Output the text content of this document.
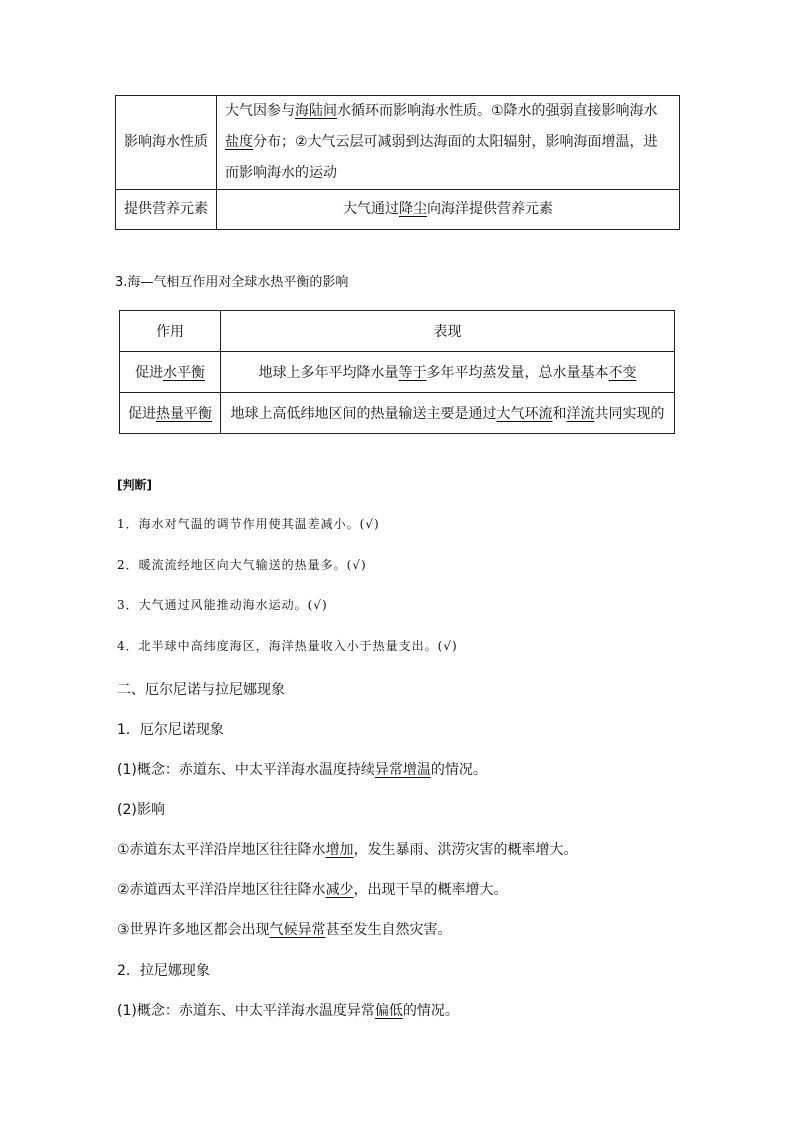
影响海水性质	大气因参与海陆间水循环而影响海水性质。①降水的强弱直接影响海水盐度分布；②大气云层可减弱到达海面的太阳辐射，影响海面增温，进而影响海水的运动
提供营养元素	大气通过降尘向海洋提供营养元素
3.海—气相互作用对全球水热平衡的影响
作用	表现
促进水平衡	地球上多年平均降水量等于多年平均蒸发量，总水量基本不变
促进热量平衡	地球上高低纬地区间的热量输送主要是通过大气环流和洋流共同实现的
[判断]
1．海水对气温的调节作用使其温差减小。(√)
2．暖流流经地区向大气输送的热量多。(√)
3．大气通过风能推动海水运动。(√)
4．北半球中高纬度海区，海洋热量收入小于热量支出。(√)
二、厄尔尼诺与拉尼娜现象
1．厄尔尼诺现象
(1)概念：赤道东、中太平洋海水温度持续异常增温的情况。
(2)影响
①赤道东太平洋沿岸地区往往降水增加，发生暴雨、洪涝灾害的概率增大。
②赤道西太平洋沿岸地区往往降水减少，出现干旱的概率增大。
③世界许多地区都会出现气候异常甚至发生自然灾害。
2．拉尼娜现象
(1)概念：赤道东、中太平洋海水温度异常偏低的情况。
